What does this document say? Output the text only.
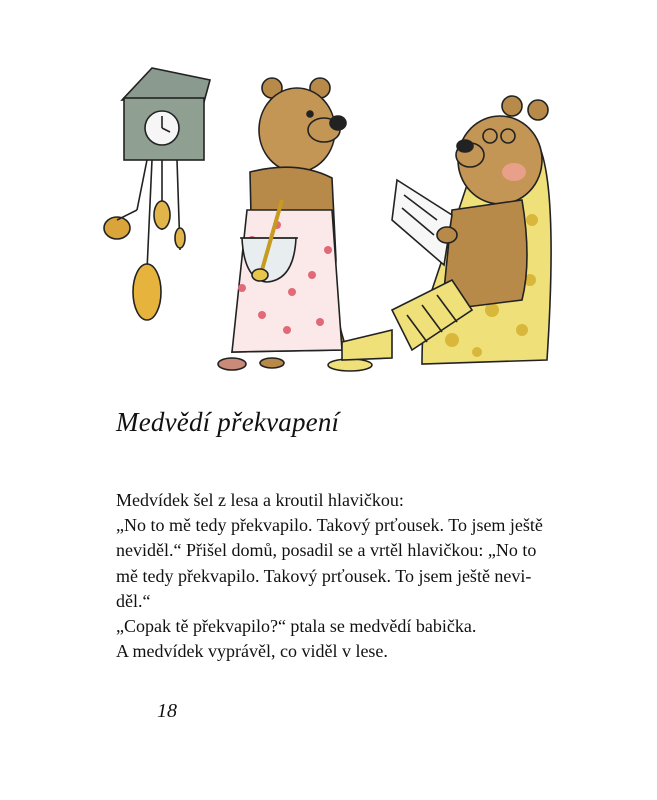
Medvědí překvapení
Medvídek šel z lesa a kroutil hlavičkou:
„No to mě tedy překvapilo. Takový prťousek. To jsem ještě
neviděl.“ Přišel domů, posadil se a vrtěl hlavičkou: „No to
mě tedy překvapilo. Takový prťousek. To jsem ještě nevi-
děl.“
„Copak tě překvapilo?“ ptala se medvědí babička.
A medvídek vyprávěl, co viděl v lese.
18
